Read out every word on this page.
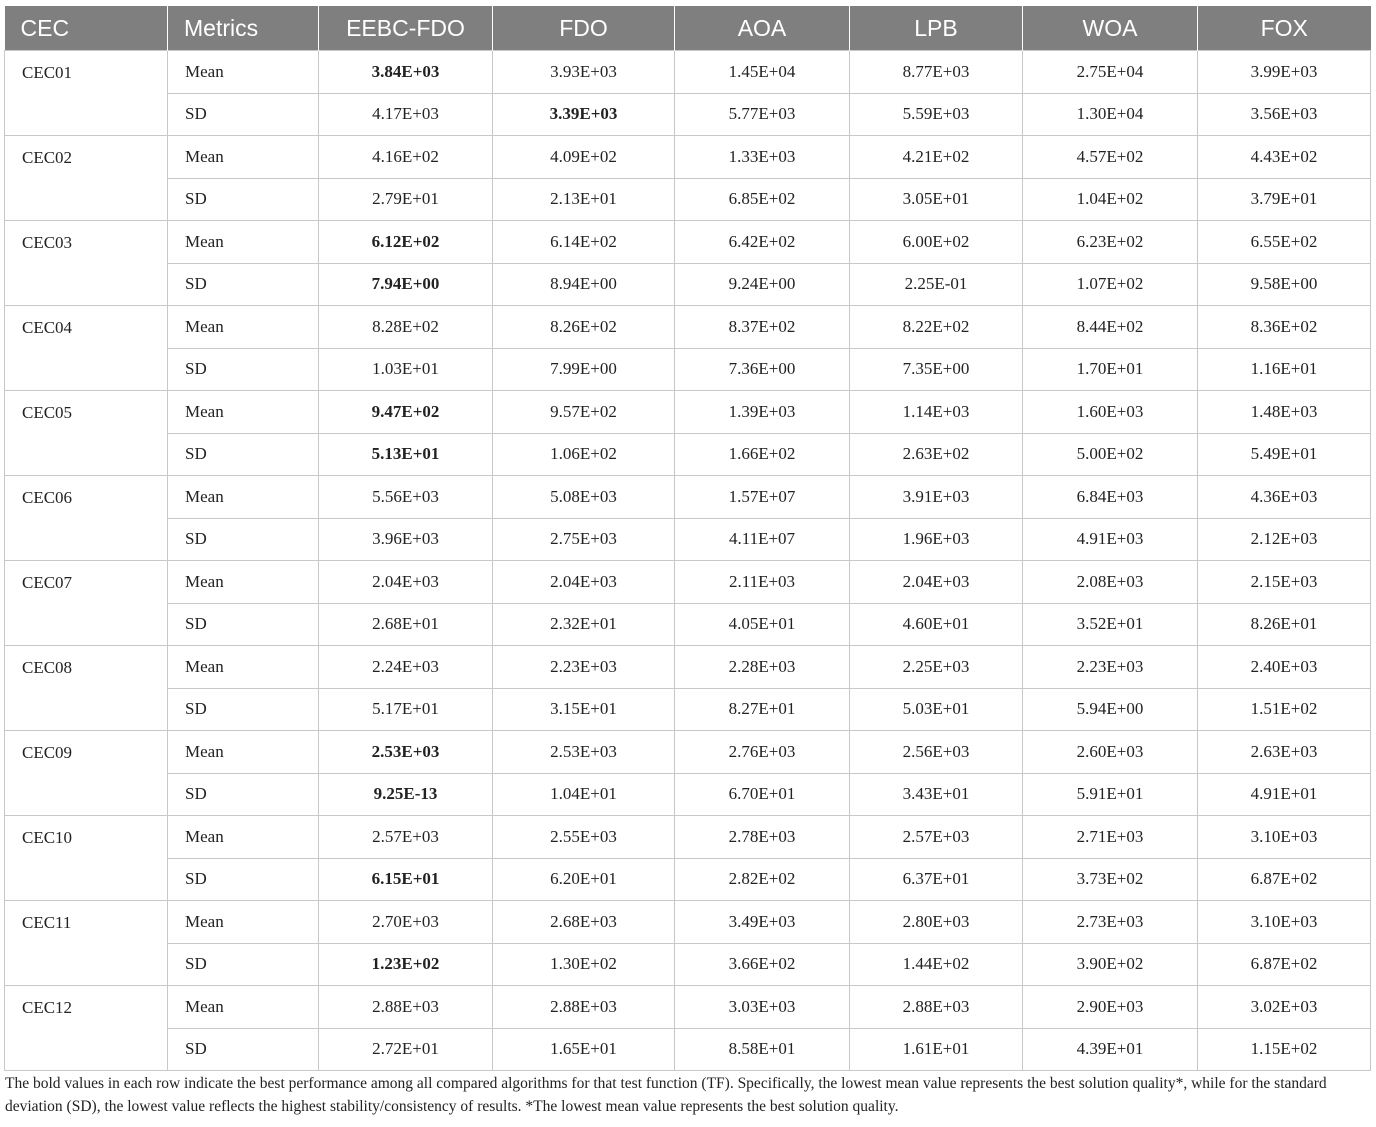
CEC	Metrics	EEBC-FDO	FDO	AOA	LPB	WOA	FOX
CEC01	Mean	3.84E+03	3.93E+03	1.45E+04	8.77E+03	2.75E+04	3.99E+03
	SD	4.17E+03	3.39E+03	5.77E+03	5.59E+03	1.30E+04	3.56E+03
CEC02	Mean	4.16E+02	4.09E+02	1.33E+03	4.21E+02	4.57E+02	4.43E+02
	SD	2.79E+01	2.13E+01	6.85E+02	3.05E+01	1.04E+02	3.79E+01
CEC03	Mean	6.12E+02	6.14E+02	6.42E+02	6.00E+02	6.23E+02	6.55E+02
	SD	7.94E+00	8.94E+00	9.24E+00	2.25E-01	1.07E+02	9.58E+00
CEC04	Mean	8.28E+02	8.26E+02	8.37E+02	8.22E+02	8.44E+02	8.36E+02
	SD	1.03E+01	7.99E+00	7.36E+00	7.35E+00	1.70E+01	1.16E+01
CEC05	Mean	9.47E+02	9.57E+02	1.39E+03	1.14E+03	1.60E+03	1.48E+03
	SD	5.13E+01	1.06E+02	1.66E+02	2.63E+02	5.00E+02	5.49E+01
CEC06	Mean	5.56E+03	5.08E+03	1.57E+07	3.91E+03	6.84E+03	4.36E+03
	SD	3.96E+03	2.75E+03	4.11E+07	1.96E+03	4.91E+03	2.12E+03
CEC07	Mean	2.04E+03	2.04E+03	2.11E+03	2.04E+03	2.08E+03	2.15E+03
	SD	2.68E+01	2.32E+01	4.05E+01	4.60E+01	3.52E+01	8.26E+01
CEC08	Mean	2.24E+03	2.23E+03	2.28E+03	2.25E+03	2.23E+03	2.40E+03
	SD	5.17E+01	3.15E+01	8.27E+01	5.03E+01	5.94E+00	1.51E+02
CEC09	Mean	2.53E+03	2.53E+03	2.76E+03	2.56E+03	2.60E+03	2.63E+03
	SD	9.25E-13	1.04E+01	6.70E+01	3.43E+01	5.91E+01	4.91E+01
CEC10	Mean	2.57E+03	2.55E+03	2.78E+03	2.57E+03	2.71E+03	3.10E+03
	SD	6.15E+01	6.20E+01	2.82E+02	6.37E+01	3.73E+02	6.87E+02
CEC11	Mean	2.70E+03	2.68E+03	3.49E+03	2.80E+03	2.73E+03	3.10E+03
	SD	1.23E+02	1.30E+02	3.66E+02	1.44E+02	3.90E+02	6.87E+02
CEC12	Mean	2.88E+03	2.88E+03	3.03E+03	2.88E+03	2.90E+03	3.02E+03
	SD	2.72E+01	1.65E+01	8.58E+01	1.61E+01	4.39E+01	1.15E+02
The bold values in each row indicate the best performance among all compared algorithms for that test function (TF). Specifically, the lowest mean value represents the best solution quality*, while for the standard deviation (SD), the lowest value reflects the highest stability/consistency of results. *The lowest mean value represents the best solution quality.
